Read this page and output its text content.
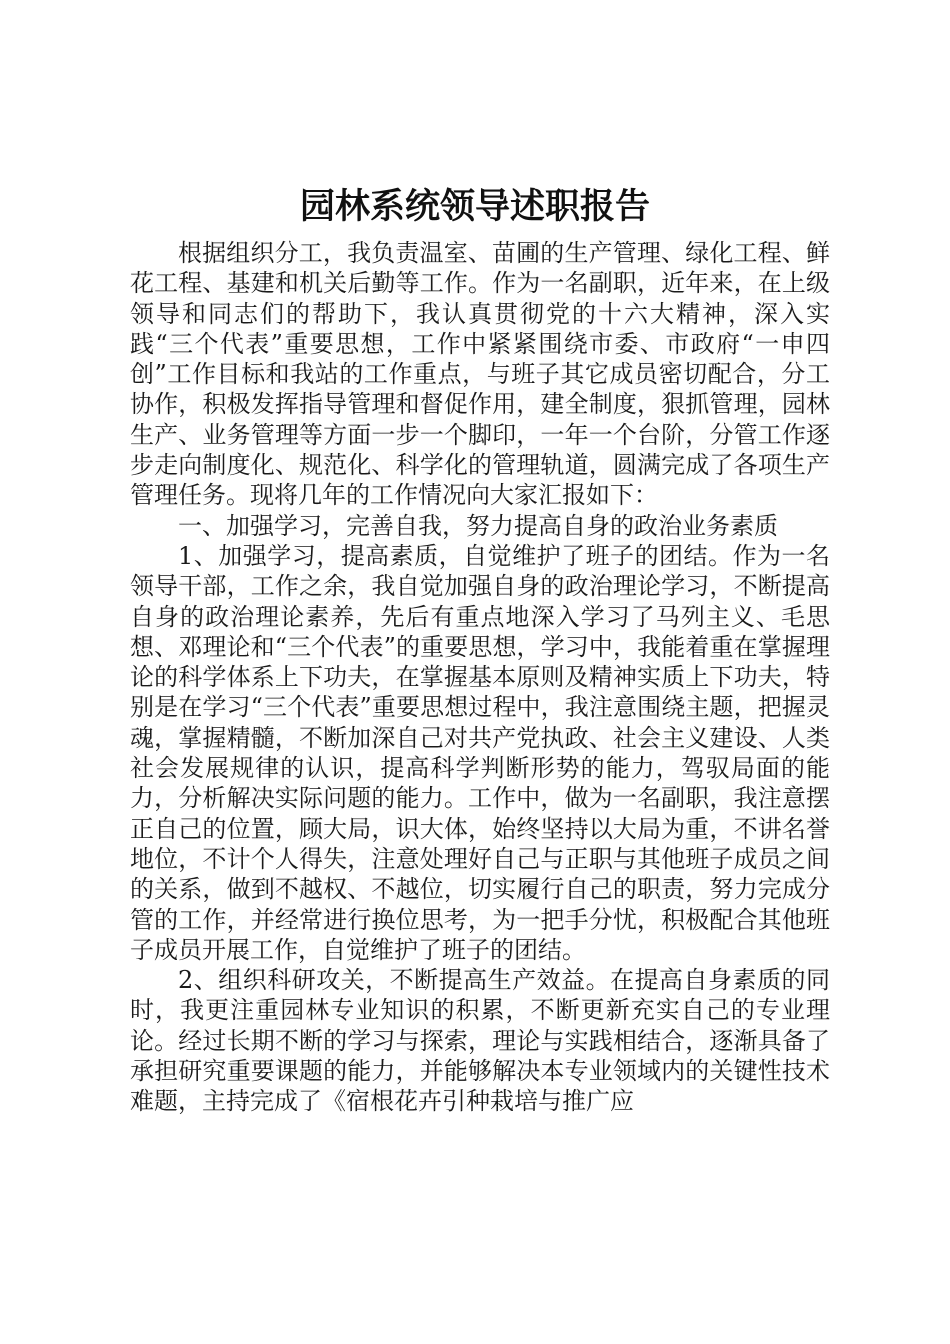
园林系统领导述职报告

根据组织分工，我负责温室、苗圃的生产管理、绿化工程、鲜花工程、基建和机关后勤等工作。作为一名副职，近年来，在上级领导和同志们的帮助下，我认真贯彻党的十六大精神，深入实践“三个代表”重要思想，工作中紧紧围绕市委、市政府“一申四创”工作目标和我站的工作重点，与班子其它成员密切配合，分工协作，积极发挥指导管理和督促作用，建全制度，狠抓管理，园林生产、业务管理等方面一步一个脚印，一年一个台阶，分管工作逐步走向制度化、规范化、科学化的管理轨道，圆满完成了各项生产管理任务。现将几年的工作情况向大家汇报如下：

一、加强学习，完善自我，努力提高自身的政治业务素质

1、加强学习，提高素质，自觉维护了班子的团结。作为一名领导干部，工作之余，我自觉加强自身的政治理论学习，不断提高自身的政治理论素养，先后有重点地深入学习了马列主义、毛思想、邓理论和“三个代表”的重要思想，学习中，我能着重在掌握理论的科学体系上下功夫，在掌握基本原则及精神实质上下功夫，特别是在学习“三个代表”重要思想过程中，我注意围绕主题，把握灵魂，掌握精髓，不断加深自己对共产党执政、社会主义建设、人类社会发展规律的认识，提高科学判断形势的能力，驾驭局面的能力，分析解决实际问题的能力。工作中，做为一名副职，我注意摆正自己的位置，顾大局，识大体，始终坚持以大局为重，不讲名誉地位，不计个人得失，注意处理好自己与正职与其他班子成员之间的关系，做到不越权、不越位，切实履行自己的职责，努力完成分管的工作，并经常进行换位思考，为一把手分忧，积极配合其他班子成员开展工作，自觉维护了班子的团结。

2、组织科研攻关，不断提高生产效益。在提高自身素质的同时，我更注重园林专业知识的积累，不断更新充实自己的专业理论。经过长期不断的学习与探索，理论与实践相结合，逐渐具备了承担研究重要课题的能力，并能够解决本专业领域内的关键性技术难题，主持完成了《宿根花卉引种栽培与推广应
